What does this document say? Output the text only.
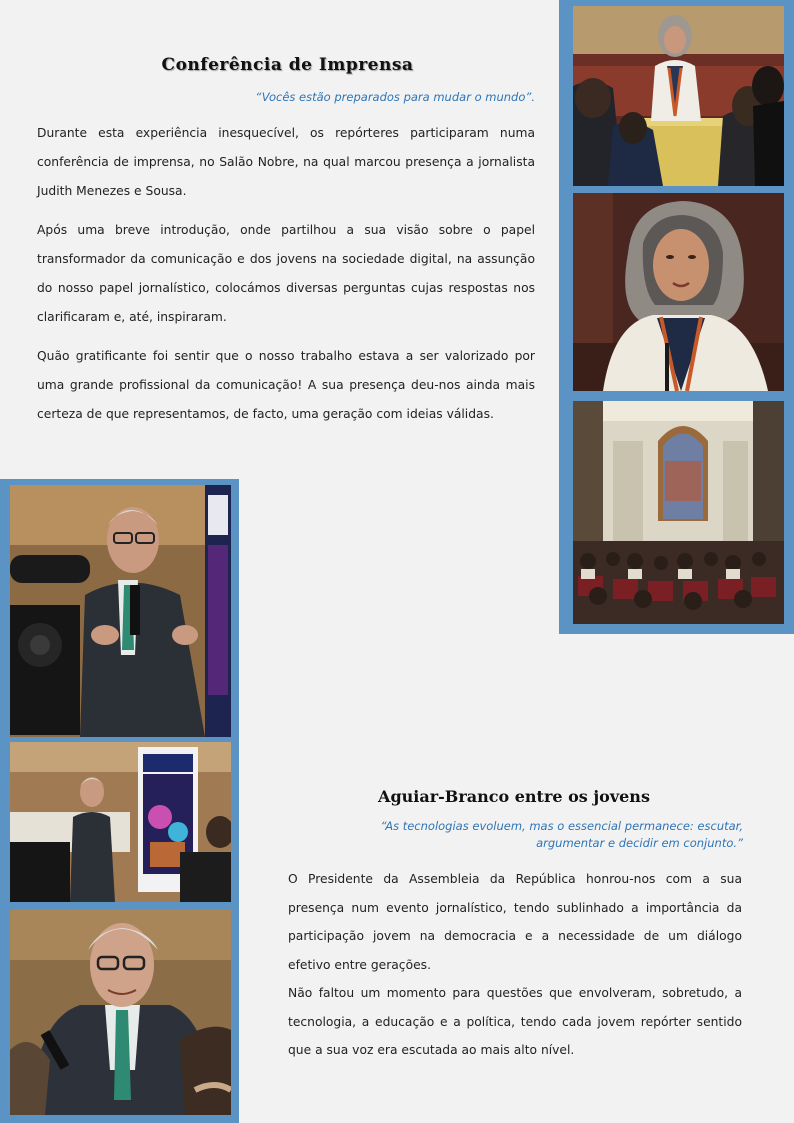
Conferência de Imprensa

“Vocês estão preparados para mudar o mundo”.

Durante esta experiência inesquecível, os repórteres participaram numa conferência de imprensa, no Salão Nobre, na qual marcou presença a jornalista Judith Menezes e Sousa.

Após uma breve introdução, onde partilhou a sua visão sobre o papel transformador da comunicação e dos jovens na sociedade digital, na assunção do nosso papel jornalístico, colocámos diversas perguntas cujas respostas nos clarificaram e, até, inspiraram.

Quão gratificante foi sentir que o nosso trabalho estava a ser valorizado por uma grande profissional da comunicação! A sua presença deu-nos ainda mais certeza de que representamos, de facto, uma geração com ideias válidas.

Aguiar-Branco entre os jovens
“As tecnologias evoluem, mas o essencial permanece: escutar,
argumentar e decidir em conjunto.”

O Presidente da Assembleia da República honrou-nos com a sua presença num evento jornalístico, tendo sublinhado a importância da participação jovem na democracia e a necessidade de um diálogo efetivo entre gerações.

Não faltou um momento para questões que envolveram, sobretudo, a tecnologia, a educação e a política, tendo cada jovem repórter sentido que a sua voz era escutada ao mais alto nível.
